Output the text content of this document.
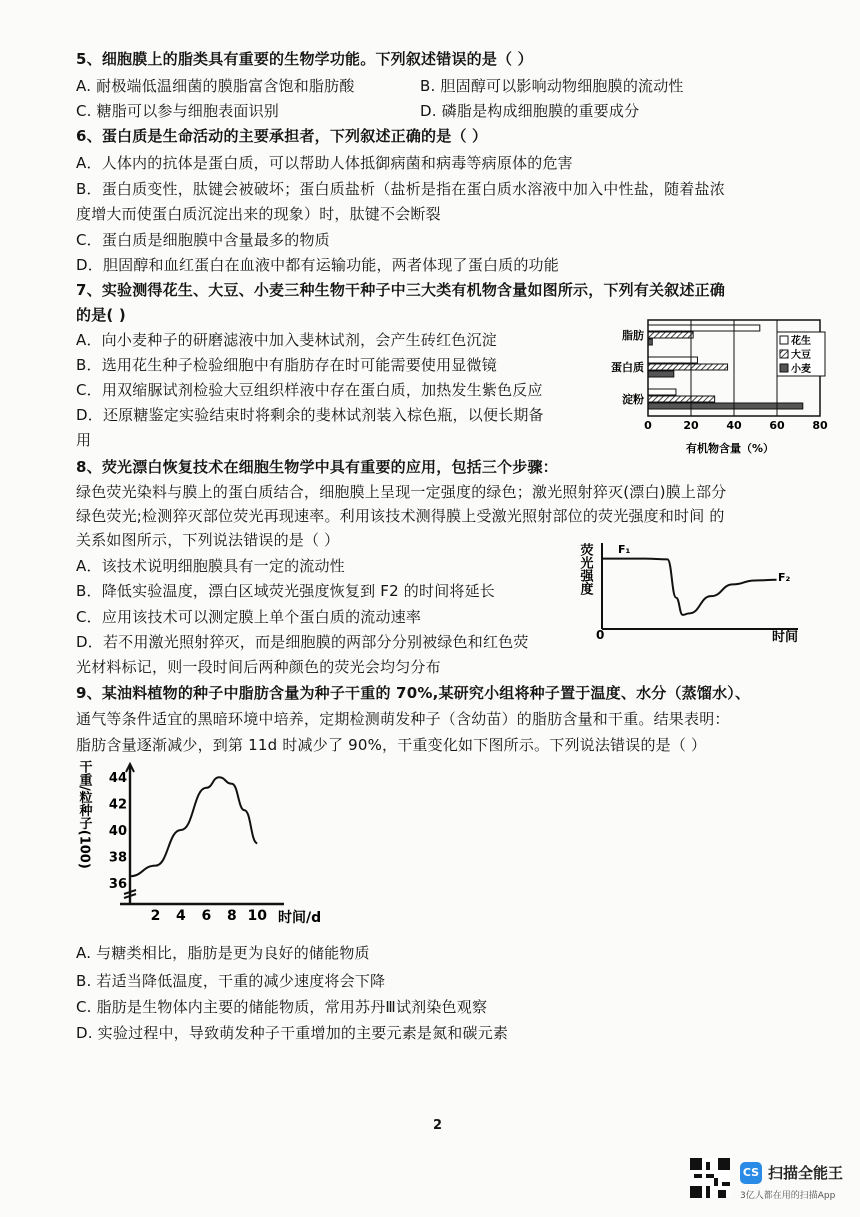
5、细胞膜上的脂类具有重要的生物学功能。下列叙述错误的是（ ）
A. 耐极端低温细菌的膜脂富含饱和脂肪酸	B. 胆固醇可以影响动物细胞膜的流动性
C. 糖脂可以参与细胞表面识别	D. 磷脂是构成细胞膜的重要成分
6、蛋白质是生命活动的主要承担者，下列叙述正确的是（ ）
A．人体内的抗体是蛋白质，可以帮助人体抵御病菌和病毒等病原体的危害
B．蛋白质变性，肽键会被破坏；蛋白质盐析（盐析是指在蛋白质水溶液中加入中性盐，随着盐浓
度增大而使蛋白质沉淀出来的现象）时，肽键不会断裂
C．蛋白质是细胞膜中含量最多的物质
D．胆固醇和血红蛋白在血液中都有运输功能，两者体现了蛋白质的功能
7、实验测得花生、大豆、小麦三种生物干种子中三大类有机物含量如图所示，下列有关叙述正确
的是( )
A．向小麦种子的研磨滤液中加入斐林试剂，会产生砖红色沉淀
B．选用花生种子检验细胞中有脂肪存在时可能需要使用显微镜
C．用双缩脲试剂检验大豆组织样液中存在蛋白质，加热发生紫色反应
D．还原糖鉴定实验结束时将剩余的斐林试剂装入棕色瓶，以便长期备
用
脂肪
蛋白质
淀粉
0	20	40	60	80
有机物含量（%）
花生
大豆
小麦
8、荧光漂白恢复技术在细胞生物学中具有重要的应用，包括三个步骤：
绿色荧光染料与膜上的蛋白质结合，细胞膜上呈现一定强度的绿色；激光照射猝灭(漂白)膜上部分
绿色荧光;检测猝灭部位荧光再现速率。利用该技术测得膜上受激光照射部位的荧光强度和时间 的
关系如图所示，下列说法错误的是（ ）
A．该技术说明细胞膜具有一定的流动性
B．降低实验温度，漂白区域荧光强度恢复到 F2 的时间将延长
C．应用该技术可以测定膜上单个蛋白质的流动速率
D．若不用激光照射猝灭，而是细胞膜的两部分分别被绿色和红色荧
光材料标记，则一段时间后两种颜色的荧光会均匀分布
荧光强度
0	时间
F₁
F₂
9、某油料植物的种子中脂肪含量为种子干重的 70%,某研究小组将种子置于温度、水分（蒸馏水）、
通气等条件适宜的黑暗环境中培养，定期检测萌发种子（含幼苗）的脂肪含量和干重。结果表明：
脂肪含量逐渐减少，到第 11d 时减少了 90%，干重变化如下图所示。下列说法错误的是（ ）
2 4 6 8 10
36
38
40
42
44
干重/粒种子(100)
时间/d
A. 与糖类相比，脂肪是更为良好的储能物质
B. 若适当降低温度，干重的减少速度将会下降
C. 脂肪是生物体内主要的储能物质，常用苏丹Ⅲ试剂染色观察
D. 实验过程中，导致萌发种子干重增加的主要元素是氮和碳元素
2
CS 扫描全能王
3亿人都在用的扫描App
